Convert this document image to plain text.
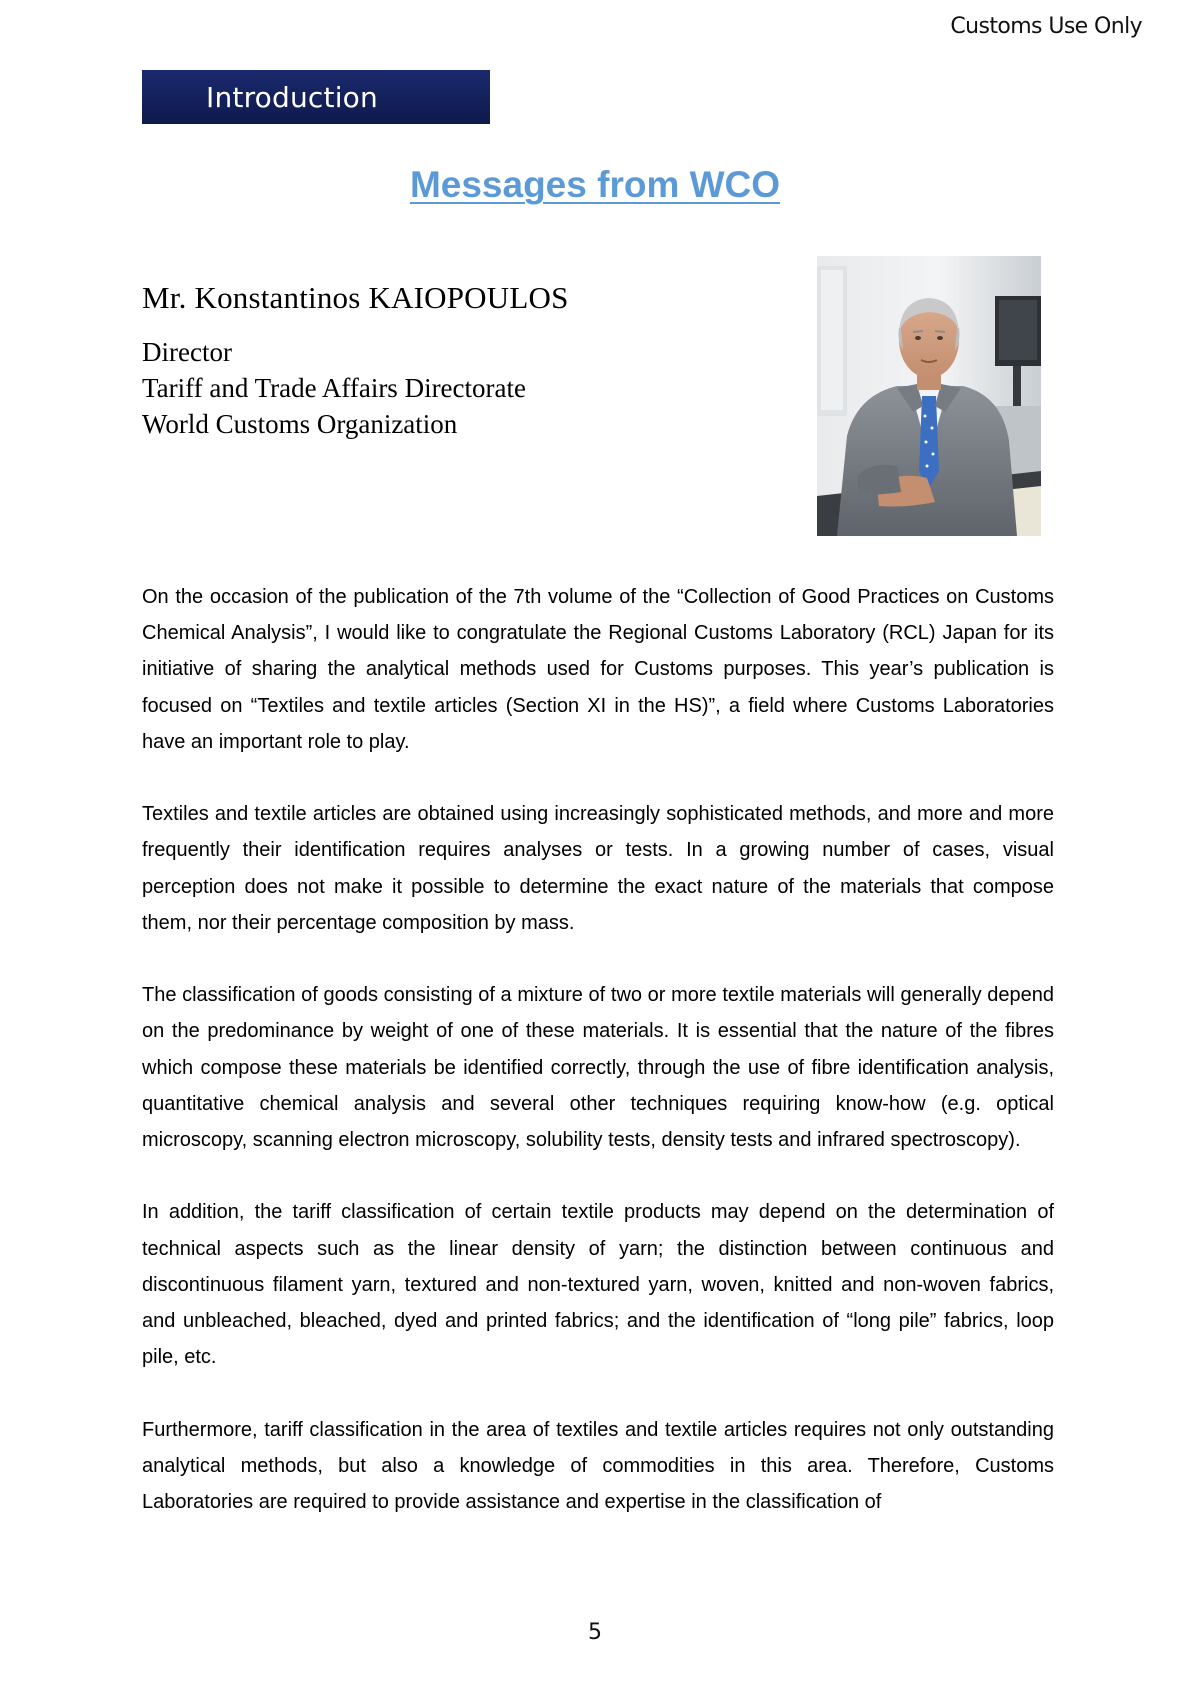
Customs Use Only
Introduction
Messages from WCO
Mr. Konstantinos KAIOPOULOS
Director
Tariff and Trade Affairs Directorate
World Customs Organization

On the occasion of the publication of the 7th volume of the “Collection of Good Practices on Customs Chemical Analysis”, I would like to congratulate the Regional Customs Laboratory (RCL) Japan for its initiative of sharing the analytical methods used for Customs purposes. This year’s publication is focused on “Textiles and textile articles (Section XI in the HS)”, a field where Customs Laboratories have an important role to play.

Textiles and textile articles are obtained using increasingly sophisticated methods, and more and more frequently their identification requires analyses or tests. In a growing number of cases, visual perception does not make it possible to determine the exact nature of the materials that compose them, nor their percentage composition by mass.

The classification of goods consisting of a mixture of two or more textile materials will generally depend on the predominance by weight of one of these materials. It is essential that the nature of the fibres which compose these materials be identified correctly, through the use of fibre identification analysis, quantitative chemical analysis and several other techniques requiring know-how (e.g. optical microscopy, scanning electron microscopy, solubility tests, density tests and infrared spectroscopy).

In addition, the tariff classification of certain textile products may depend on the determination of technical aspects such as the linear density of yarn; the distinction between continuous and discontinuous filament yarn, textured and non-textured yarn, woven, knitted and non-woven fabrics, and unbleached, bleached, dyed and printed fabrics; and the identification of “long pile” fabrics, loop pile, etc.

Furthermore, tariff classification in the area of textiles and textile articles requires not only outstanding analytical methods, but also a knowledge of commodities in this area. Therefore, Customs Laboratories are required to provide assistance and expertise in the classification of

5
